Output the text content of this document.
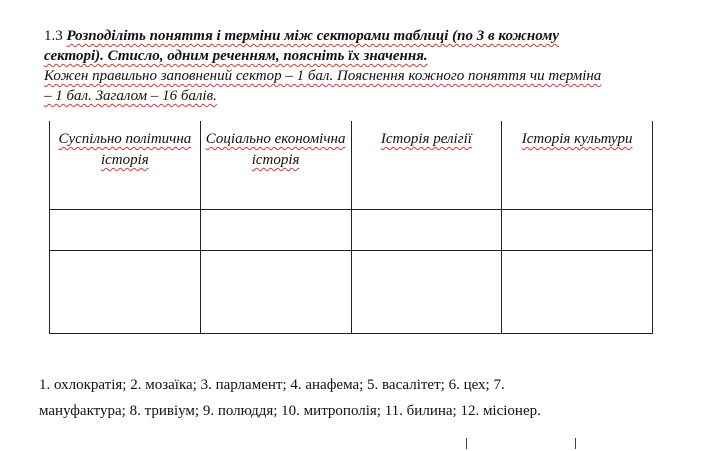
1.3 Розподіліть поняття і терміни між секторами таблиці (по 3 в кожному секторі). Стисло, одним реченням, поясніть їх значення.

Кожен правильно заповнений сектор – 1 бал. Пояснення кожного поняття чи терміна – 1 бал. Загалом – 16 балів.

Суспільно політична історія	Соціально економічна історія	Історія релігії	Історія культури

1. охлократія; 2. мозаїка; 3. парламент; 4. анафема; 5. васалітет; 6. цех; 7. мануфактура; 8. тривіум; 9. полюддя; 10. митрополія; 11. билина; 12. місіонер.
